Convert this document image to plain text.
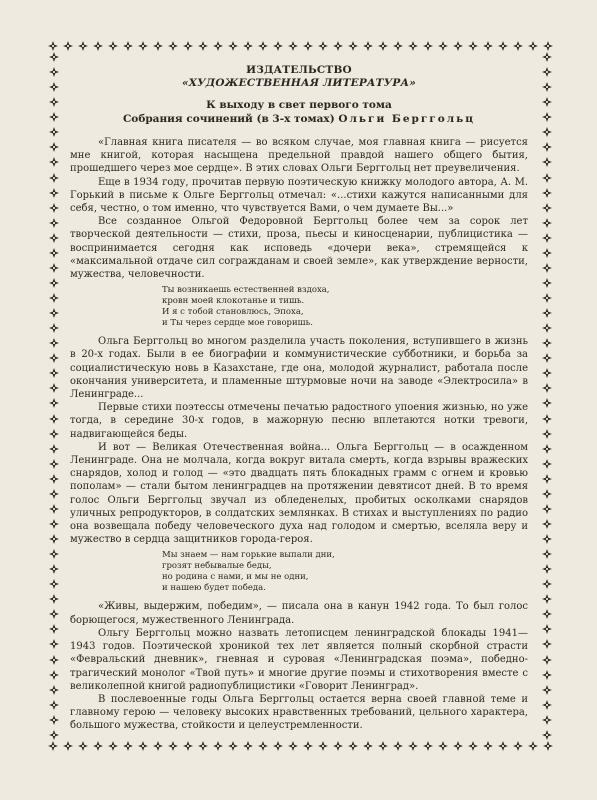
ИЗДАТЕЛЬСТВО
«ХУДОЖЕСТВЕННАЯ ЛИТЕРАТУРА»
К выходу в свет первого тома
Собрания сочинений (в 3-х томах) Ольги Берггольц

«Главная книга писателя — во всяком случае, моя главная книга — рисуется мне книгой, которая насыщена предельной правдой нашего общего бытия, прошедшего через мое сердце». В этих словах Ольги Берггольц нет преувеличения.

Еще в 1934 году, прочитав первую поэтическую книжку молодого автора, А. М. Горький в письме к Ольге Берггольц отмечал: «...стихи кажутся написанными для себя, честно, о том именно, что чувствуется Вами, о чем думаете Вы...»

Все созданное Ольгой Федоровной Берггольц более чем за сорок лет творческой деятельности — стихи, проза, пьесы и киносценарии, публицистика — воспринимается сегодня как исповедь «дочери века», стремящейся к «максимальной отдаче сил согражданам и своей земле», как утверждение верности, мужества, человечности.

Ты возникаешь естественней вздоха,
кровн моей клокотанье и тишь.
И я с тобой становлюсь, Эпоха,
и Ты через сердце мое говоришь.

Ольга Берггольц во многом разделила участь поколения, вступившего в жизнь в 20-х годах. Были в ее биографии и коммунистические субботники, и борьба за социалистическую новь в Казахстане, где она, молодой журналист, работала после окончания университета, и пламенные штурмовые ночи на заводе «Электросила» в Ленинграде...

Первые стихи поэтессы отмечены печатью радостного упоения жизнью, но уже тогда, в середине 30-х годов, в мажорную песню вплетаются нотки тревоги, надвигающейся беды.

И вот — Великая Отечественная война... Ольга Берггольц — в осажденном Ленинграде. Она не молчала, когда вокруг витала смерть, когда взрывы вражеских снарядов, холод и голод — «это двадцать пять блокадных грамм с огнем и кровью пополам» — стали бытом ленинградцев на протяжении девятисот дней. В то время голос Ольги Берггольц звучал из обледенелых, пробитых осколками снарядов уличных репродукторов, в солдатских землянках. В стихах и выступлениях по радио она возвещала победу человеческого духа над голодом и смертью, вселяла веру и мужество в сердца защитников города-героя.

Мы знаем — нам горькие выпали дни,
грозят небывалые беды,
но родина с нами, и мы не одни,
и нашею будет победа.

«Живы, выдержим, победим», — писала она в канун 1942 года. То был голос борющегося, мужественного Ленинграда.

Ольгу Берггольц можно назвать летописцем ленинградской блокады 1941—1943 годов. Поэтической хроникой тех лет является полный скорбной страсти «Февральский дневник», гневная и суровая «Ленинградская поэма», победно-трагический монолог «Твой путь» и многие другие поэмы и стихотворения вместе с великолепной книгой радиопублицистики «Говорит Ленинград».

В послевоенные годы Ольга Берггольц остается верна своей главной теме и главному герою — человеку высоких нравственных требований, цельного характера, большого мужества, стойкости и целеустремленности.
